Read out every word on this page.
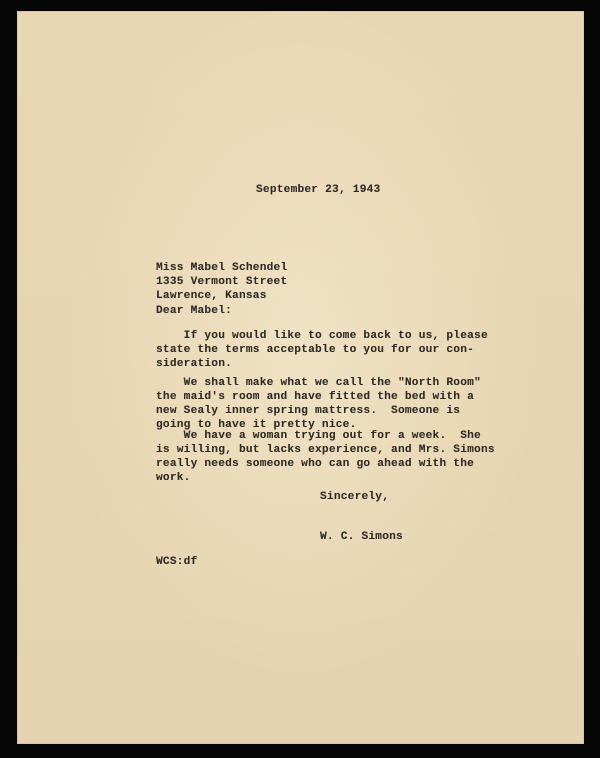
September 23, 1943

Miss Mabel Schendel
1335 Vermont Street
Lawrence, Kansas

Dear Mabel:

If you would like to come back to us, please
state the terms acceptable to you for our con-
sideration.

We shall make what we call the "North Room"
the maid's room and have fitted the bed with a
new Sealy inner spring mattress.  Someone is
going to have it pretty nice.

We have a woman trying out for a week.  She
is willing, but lacks experience, and Mrs. Simons
really needs someone who can go ahead with the
work.

Sincerely,

W. C. Simons

WCS:df
